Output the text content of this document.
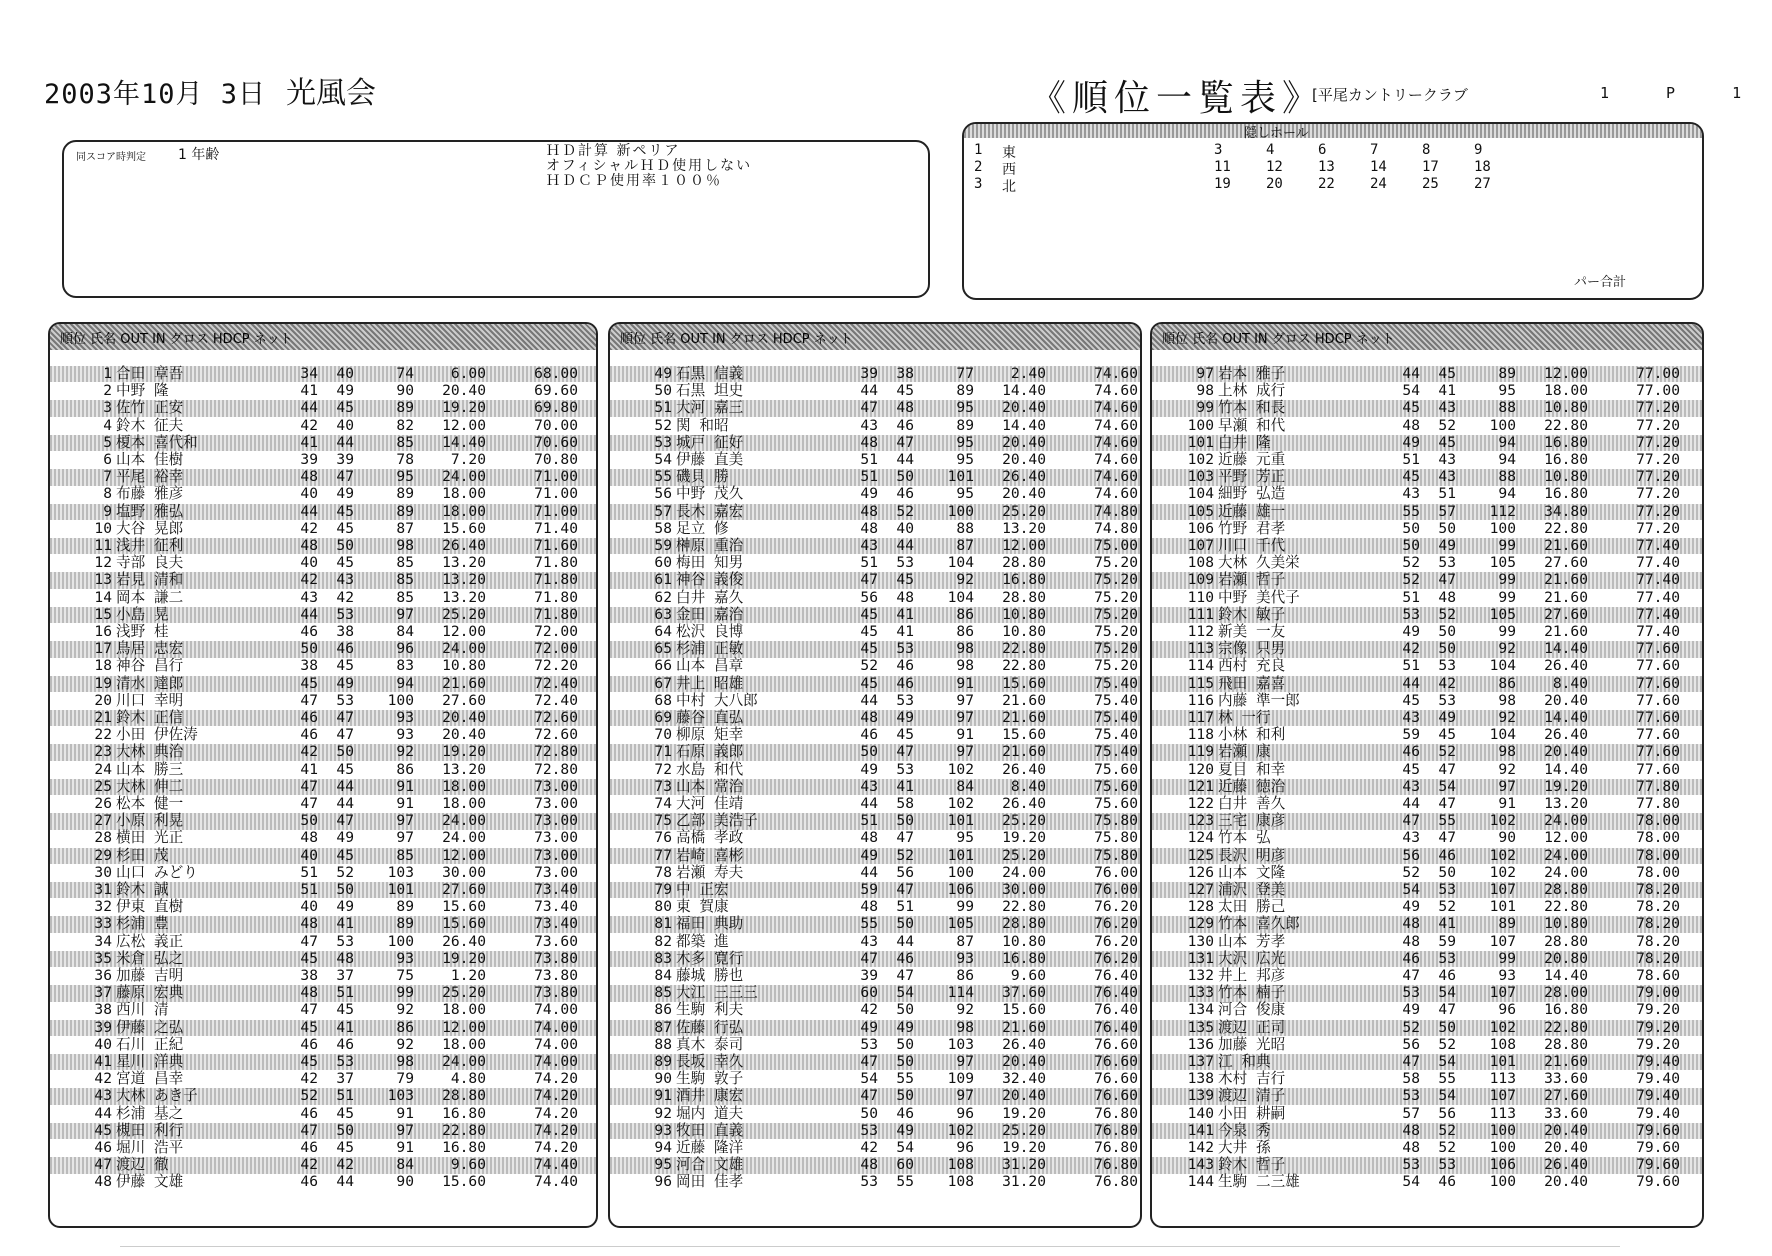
2003年10月 3日 光風会	《順位一覧表》
[平尾カントリークラブ	1 P 1
同スコア時判定 1 年齢	ＨＤ計算 新ペリア
オフィシャルＨＤ使用しない
ＨＤＣＰ使用率１００％
隠しホール
1 東	3	4	6	7	8	9
2 西	11	12	13	14	17	18
3 北	19	20	22	24	25	27
パー合計
順位 氏名 OUT IN グロス HDCP ネット
1 合田 章吾	34	40	74	6.00	68.00
2 中野 隆	41	49	90	20.40	69.60
3 佐竹 正安	44	45	89	19.20	69.80
4 鈴木 征夫	42	40	82	12.00	70.00
5 榎本 喜代和	41	44	85	14.40	70.60
6 山本 佳樹	39	39	78	7.20	70.80
7 平尾 裕幸	48	47	95	24.00	71.00
8 布藤 雅彦	40	49	89	18.00	71.00
9 塩野 雅弘	44	45	89	18.00	71.00
10 大谷 晃郎	42	45	87	15.60	71.40
11 浅井 征利	48	50	98	26.40	71.60
12 寺部 良夫	40	45	85	13.20	71.80
13 岩見 清和	42	43	85	13.20	71.80
14 岡本 謙二	43	42	85	13.20	71.80
15 小島 晃	44	53	97	25.20	71.80
16 浅野 桂	46	38	84	12.00	72.00
17 鳥居 忠宏	50	46	96	24.00	72.00
18 神谷 昌行	38	45	83	10.80	72.20
19 清水 達郎	45	49	94	21.60	72.40
20 川口 幸明	47	53	100	27.60	72.40
21 鈴木 正信	46	47	93	20.40	72.60
22 小田 伊佐涛	46	47	93	20.40	72.60
23 大林 典治	42	50	92	19.20	72.80
24 山本 勝三	41	45	86	13.20	72.80
25 大林 伸二	47	44	91	18.00	73.00
26 松本 健一	47	44	91	18.00	73.00
27 小原 利晃	50	47	97	24.00	73.00
28 横田 光正	48	49	97	24.00	73.00
29 杉田 茂	40	45	85	12.00	73.00
30 山口 みどり	51	52	103	30.00	73.00
31 鈴木 誠	51	50	101	27.60	73.40
32 伊東 直樹	40	49	89	15.60	73.40
33 杉浦 豊	48	41	89	15.60	73.40
34 広松 義正	47	53	100	26.40	73.60
35 米倉 弘之	45	48	93	19.20	73.80
36 加藤 吉明	38	37	75	1.20	73.80
37 藤原 宏典	48	51	99	25.20	73.80
38 西川 清	47	45	92	18.00	74.00
39 伊藤 之弘	45	41	86	12.00	74.00
40 石川 正紀	46	46	92	18.00	74.00
41 星川 洋典	45	53	98	24.00	74.00
42 宮道 昌幸	42	37	79	4.80	74.20
43 大林 あき子	52	51	103	28.80	74.20
44 杉浦 基之	46	45	91	16.80	74.20
45 槻田 利行	47	50	97	22.80	74.20
46 堀川 浩平	46	45	91	16.80	74.20
47 渡辺 徹	42	42	84	9.60	74.40
48 伊藤 文雄	46	44	90	15.60	74.40
順位 氏名 OUT IN グロス HDCP ネット
49 石黒 信義	39	38	77	2.40	74.60
50 石黒 坦史	44	45	89	14.40	74.60
51 大河 嘉三	47	48	95	20.40	74.60
52 関 和昭	43	46	89	14.40	74.60
53 城戸 征好	48	47	95	20.40	74.60
54 伊藤 直美	51	44	95	20.40	74.60
55 磯貝 勝	51	50	101	26.40	74.60
56 中野 茂久	49	46	95	20.40	74.60
57 長木 嘉宏	48	52	100	25.20	74.80
58 足立 修	48	40	88	13.20	74.80
59 榊原 重治	43	44	87	12.00	75.00
60 梅田 知男	51	53	104	28.80	75.20
61 神谷 義俊	47	45	92	16.80	75.20
62 白井 嘉久	56	48	104	28.80	75.20
63 金田 嘉治	45	41	86	10.80	75.20
64 松沢 良博	45	41	86	10.80	75.20
65 杉浦 正敏	45	53	98	22.80	75.20
66 山本 昌章	52	46	98	22.80	75.20
67 井上 昭雄	45	46	91	15.60	75.40
68 中村 大八郎	44	53	97	21.60	75.40
69 藤谷 直弘	48	49	97	21.60	75.40
70 柳原 矩幸	46	45	91	15.60	75.40
71 石原 義郎	50	47	97	21.60	75.40
72 水島 和代	49	53	102	26.40	75.60
73 山本 常治	43	41	84	8.40	75.60
74 大河 佳靖	44	58	102	26.40	75.60
75 乙部 美浩子	51	50	101	25.20	75.80
76 高橋 孝政	48	47	95	19.20	75.80
77 岩崎 喜彬	49	52	101	25.20	75.80
78 岩瀬 寿夫	44	56	100	24.00	76.00
79 中 正宏	59	47	106	30.00	76.00
80 東 賀康	48	51	99	22.80	76.20
81 福田 典助	55	50	105	28.80	76.20
82 都築 進	43	44	87	10.80	76.20
83 木多 寛行	47	46	93	16.80	76.20
84 藤城 勝也	39	47	86	9.60	76.40
85 大江 三三三	60	54	114	37.60	76.40
86 生駒 利夫	42	50	92	15.60	76.40
87 佐藤 行弘	49	49	98	21.60	76.40
88 真木 泰司	53	50	103	26.40	76.60
89 長坂 幸久	47	50	97	20.40	76.60
90 生駒 敦子	54	55	109	32.40	76.60
91 酒井 康宏	47	50	97	20.40	76.60
92 堀内 道夫	50	46	96	19.20	76.80
93 牧田 直義	53	49	102	25.20	76.80
94 近藤 隆洋	42	54	96	19.20	76.80
95 河合 文雄	48	60	108	31.20	76.80
96 岡田 佳孝	53	55	108	31.20	76.80
順位 氏名 OUT IN グロス HDCP ネット
97 岩本 雅子	44	45	89	12.00	77.00
98 上林 成行	54	41	95	18.00	77.00
99 竹本 和長	45	43	88	10.80	77.20
100 早瀬 和代	48	52	100	22.80	77.20
101 白井 隆	49	45	94	16.80	77.20
102 近藤 元重	51	43	94	16.80	77.20
103 平野 芳正	45	43	88	10.80	77.20
104 細野 弘造	43	51	94	16.80	77.20
105 近藤 雄一	55	57	112	34.80	77.20
106 竹野 君孝	50	50	100	22.80	77.20
107 川口 千代	50	49	99	21.60	77.40
108 大林 久美栄	52	53	105	27.60	77.40
109 岩瀬 哲子	52	47	99	21.60	77.40
110 中野 美代子	51	48	99	21.60	77.40
111 鈴木 敏子	53	52	105	27.60	77.40
112 新美 一友	49	50	99	21.60	77.40
113 宗像 只男	42	50	92	14.40	77.60
114 西村 充良	51	53	104	26.40	77.60
115 飛田 嘉喜	44	42	86	8.40	77.60
116 内藤 準一郎	45	53	98	20.40	77.60
117 林 一行	43	49	92	14.40	77.60
118 小林 和利	59	45	104	26.40	77.60
119 岩瀬 康	46	52	98	20.40	77.60
120 夏目 和幸	45	47	92	14.40	77.60
121 近藤 徳治	43	54	97	19.20	77.80
122 白井 善久	44	47	91	13.20	77.80
123 三宅 康彦	47	55	102	24.00	78.00
124 竹本 弘	43	47	90	12.00	78.00
125 長沢 明彦	56	46	102	24.00	78.00
126 山本 文隆	52	50	102	24.00	78.00
127 浦沢 登美	54	53	107	28.80	78.20
128 太田 勝己	49	52	101	22.80	78.20
129 竹本 喜久郎	48	41	89	10.80	78.20
130 山本 芳孝	48	59	107	28.80	78.20
131 大沢 広光	46	53	99	20.80	78.20
132 井上 邦彦	47	46	93	14.40	78.60
133 竹本 楠子	53	54	107	28.00	79.00
134 河合 俊康	49	47	96	16.80	79.20
135 渡辺 正司	52	50	102	22.80	79.20
136 加藤 光昭	56	52	108	28.80	79.20
137 江 和典	47	54	101	21.60	79.40
138 木村 吉行	58	55	113	33.60	79.40
139 渡辺 清子	53	54	107	27.60	79.40
140 小田 耕嗣	57	56	113	33.60	79.40
141 今泉 秀	48	52	100	20.40	79.60
142 大井 孫	48	52	100	20.40	79.60
143 鈴木 哲子	53	53	106	26.40	79.60
144 生駒 二三雄	54	46	100	20.40	79.60
